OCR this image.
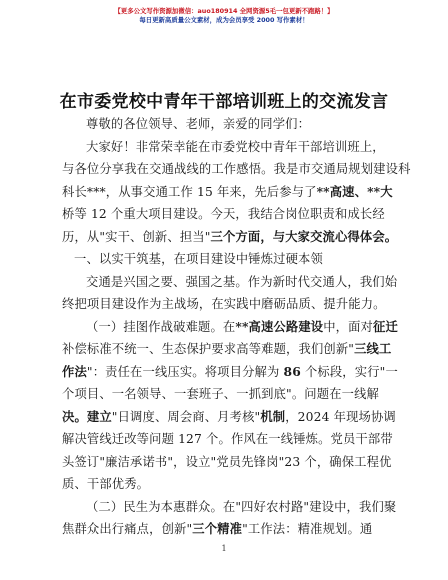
【更多公文写作资源加微信：auo180914 全网资源5毛一包更新不跑路！】
每日更新高质量公文素材，成为会员享受 2000 写作素材！
在市委党校中青年干部培训班上的交流发言
尊敬的各位领导、老师，亲爱的同学们：
大家好！非常荣幸能在市委党校中青年干部培训班上，
与各位分享我在交通战线的工作感悟。我是市交通局规划建设科
科长***，从事交通工作 15 年来，先后参与了**高速、**大
桥等 12 个重大项目建设。今天，我结合岗位职责和成长经
历，从"实干、创新、担当"三个方面，与大家交流心得体会。
一、以实干筑基，在项目建设中锤炼过硬本领
交通是兴国之要、强国之基。作为新时代交通人，我们始
终把项目建设作为主战场，在实践中磨砺品质、提升能力。
（一）挂图作战破难题。在**高速公路建设中，面对征迁
补偿标准不统一、生态保护要求高等难题，我们创新"三线工
作法"：责任在一线压实。将项目分解为 86 个标段，实行"一
个项目、一名领导、一套班子、一抓到底"。问题在一线解
决。建立"日调度、周会商、月考核"机制，2024 年现场协调
解决管线迁改等问题 127 个。作风在一线锤炼。党员干部带
头签订"廉洁承诺书"，设立"党员先锋岗"23 个，确保工程优
质、干部优秀。
（二）民生为本惠群众。在"四好农村路"建设中，我们聚
焦群众出行痛点，创新"三个精准"工作法：精准规划。通
1
